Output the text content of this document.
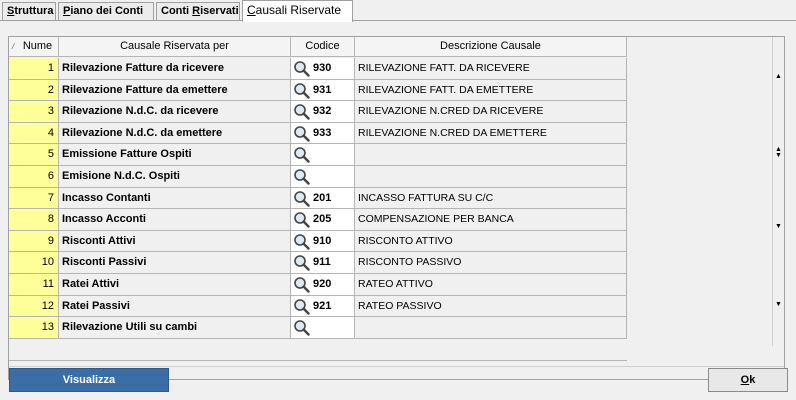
Struttura Piano dei Conti	Conti Riservati Causali Riservate
/ Nume	Causale Riservata per	Codice	Descrizione Causale
1 Rilevazione Fatture da ricevere	930	RILEVAZIONE FATT. DA RICEVERE
2 Rilevazione Fatture da emettere	931	RILEVAZIONE FATT. DA EMETTERE
3 Rilevazione N.d.C. da ricevere	932	RILEVAZIONE N.CRED DA RICEVERE
4 Rilevazione N.d.C. da emettere	933	RILEVAZIONE N.CRED DA EMETTERE
5 Emissione Fatture Ospiti
6 Emisione N.d.C. Ospiti
7 Incasso Contanti	201	INCASSO FATTURA SU C/C
8 Incasso Acconti	205	COMPENSAZIONE PER BANCA
9 Risconti Attivi	910	RISCONTO ATTIVO
10 Risconti Passivi	911	RISCONTO PASSIVO
11 Ratei Attivi	920	RATEO ATTIVO
12 Ratei Passivi	921	RATEO PASSIVO
13 Rilevazione Utili su cambi
▲
▲▼
▼
▼
Visualizza	Ok
